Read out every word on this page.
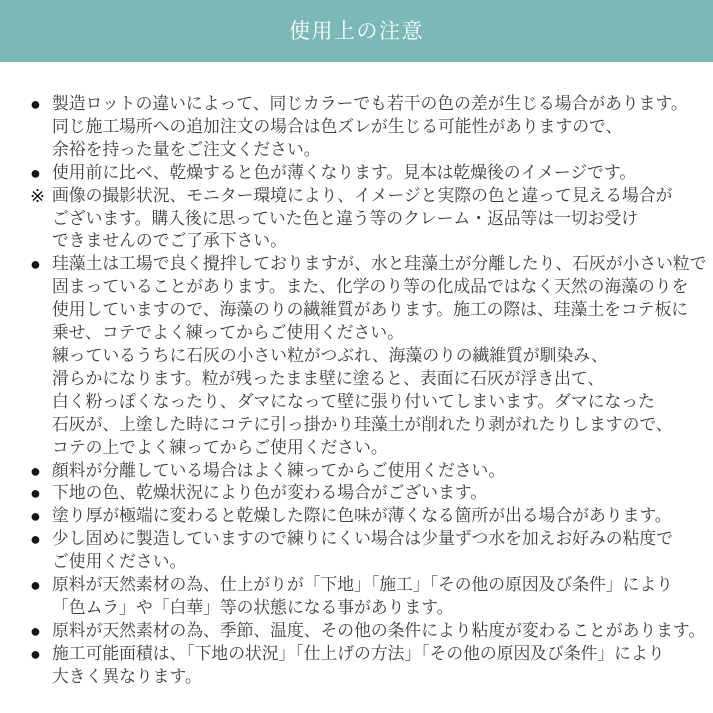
使用上の注意
● 製造ロットの違いによって、同じカラーでも若干の色の差が生じる場合があります。
同じ施工場所への追加注文の場合は色ズレが生じる可能性がありますので、
余裕を持った量をご注文ください。
● 使用前に比べ、乾燥すると色が薄くなります。見本は乾燥後のイメージです。
※ 画像の撮影状況、モニター環境により、イメージと実際の色と違って見える場合が
ございます。購入後に思っていた色と違う等のクレーム・返品等は一切お受け
できませんのでご了承下さい。
● 珪藻土は工場で良く攪拌しておりますが、水と珪藻土が分離したり、石灰が小さい粒で
固まっていることがあります。また、化学のり等の化成品ではなく天然の海藻のりを
使用していますので、海藻のりの繊維質があります。施工の際は、珪藻土をコテ板に
乗せ、コテでよく練ってからご使用ください。
練っているうちに石灰の小さい粒がつぶれ、海藻のりの繊維質が馴染み、
滑らかになります。粒が残ったまま壁に塗ると、表面に石灰が浮き出て、
白く粉っぽくなったり、ダマになって壁に張り付いてしまいます。ダマになった
石灰が、上塗した時にコテに引っ掛かり珪藻土が削れたり剥がれたりしますので、
コテの上でよく練ってからご使用ください。
● 顔料が分離している場合はよく練ってからご使用ください。
● 下地の色、乾燥状況により色が変わる場合がございます。
● 塗り厚が極端に変わると乾燥した際に色味が薄くなる箇所が出る場合があります。
● 少し固めに製造していますので練りにくい場合は少量ずつ水を加えお好みの粘度で
ご使用ください。
● 原料が天然素材の為、仕上がりが「下地」「施工」「その他の原因及び条件」により
「色ムラ」や「白華」等の状態になる事があります。
● 原料が天然素材の為、季節、温度、その他の条件により粘度が変わることがあります。
● 施工可能面積は、「下地の状況」「仕上げの方法」「その他の原因及び条件」により
大きく異なります。
